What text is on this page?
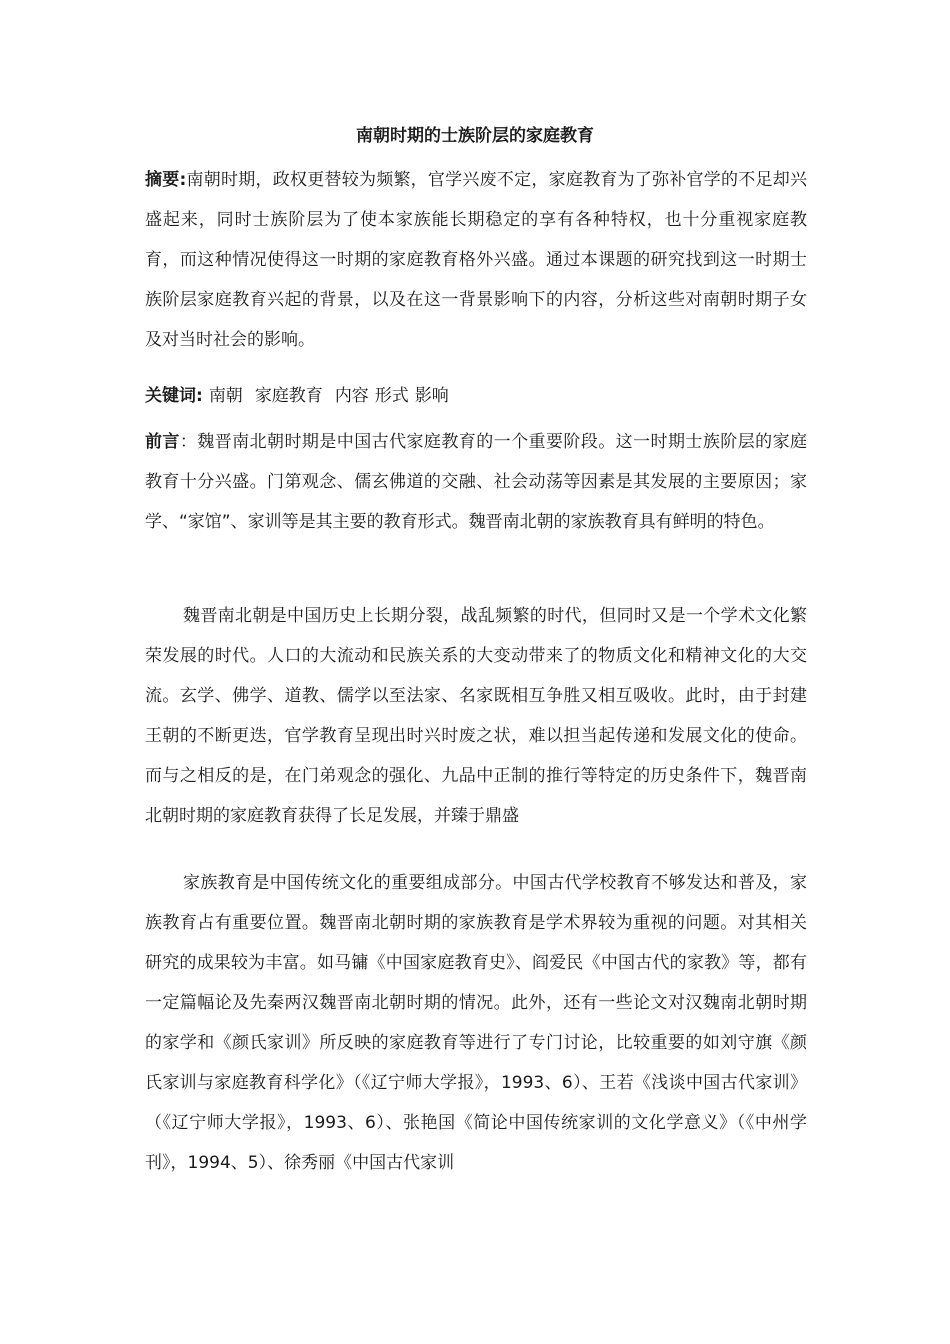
南朝时期的士族阶层的家庭教育

摘要:南朝时期，政权更替较为频繁，官学兴废不定，家庭教育为了弥补官学的不足却兴盛起来，同时士族阶层为了使本家族能长期稳定的享有各种特权，也十分重视家庭教育，而这种情况使得这一时期的家庭教育格外兴盛。通过本课题的研究找到这一时期士族阶层家庭教育兴起的背景，以及在这一背景影响下的内容，分析这些对南朝时期子女及对当时社会的影响。

关键词: 南朝 家庭教育 内容 形式 影响

前言：魏晋南北朝时期是中国古代家庭教育的一个重要阶段。这一时期士族阶层的家庭教育十分兴盛。门第观念、儒玄佛道的交融、社会动荡等因素是其发展的主要原因；家学、“家馆”、家训等是其主要的教育形式。魏晋南北朝的家族教育具有鲜明的特色。

魏晋南北朝是中国历史上长期分裂，战乱频繁的时代，但同时又是一个学术文化繁荣发展的时代。人口的大流动和民族关系的大变动带来了的物质文化和精神文化的大交流。玄学、佛学、道教、儒学以至法家、名家既相互争胜又相互吸收。此时，由于封建王朝的不断更迭，官学教育呈现出时兴时废之状，难以担当起传递和发展文化的使命。而与之相反的是，在门弟观念的强化、九品中正制的推行等特定的历史条件下，魏晋南北朝时期的家庭教育获得了长足发展，并臻于鼎盛

家族教育是中国传统文化的重要组成部分。中国古代学校教育不够发达和普及，家族教育占有重要位置。魏晋南北朝时期的家族教育是学术界较为重视的问题。对其相关研究的成果较为丰富。如马镛《中国家庭教育史》、阎爱民《中国古代的家教》等，都有一定篇幅论及先秦两汉魏晋南北朝时期的情况。此外，还有一些论文对汉魏南北朝时期的家学和《颜氏家训》所反映的家庭教育等进行了专门讨论，比较重要的如刘守旗《颜氏家训与家庭教育科学化》（《辽宁师大学报》，1993、6）、王若《浅谈中国古代家训》（《辽宁师大学报》，1993、6）、张艳国《简论中国传统家训的文化学意义》（《中州学刊》，1994、5）、徐秀丽《中国古代家训
